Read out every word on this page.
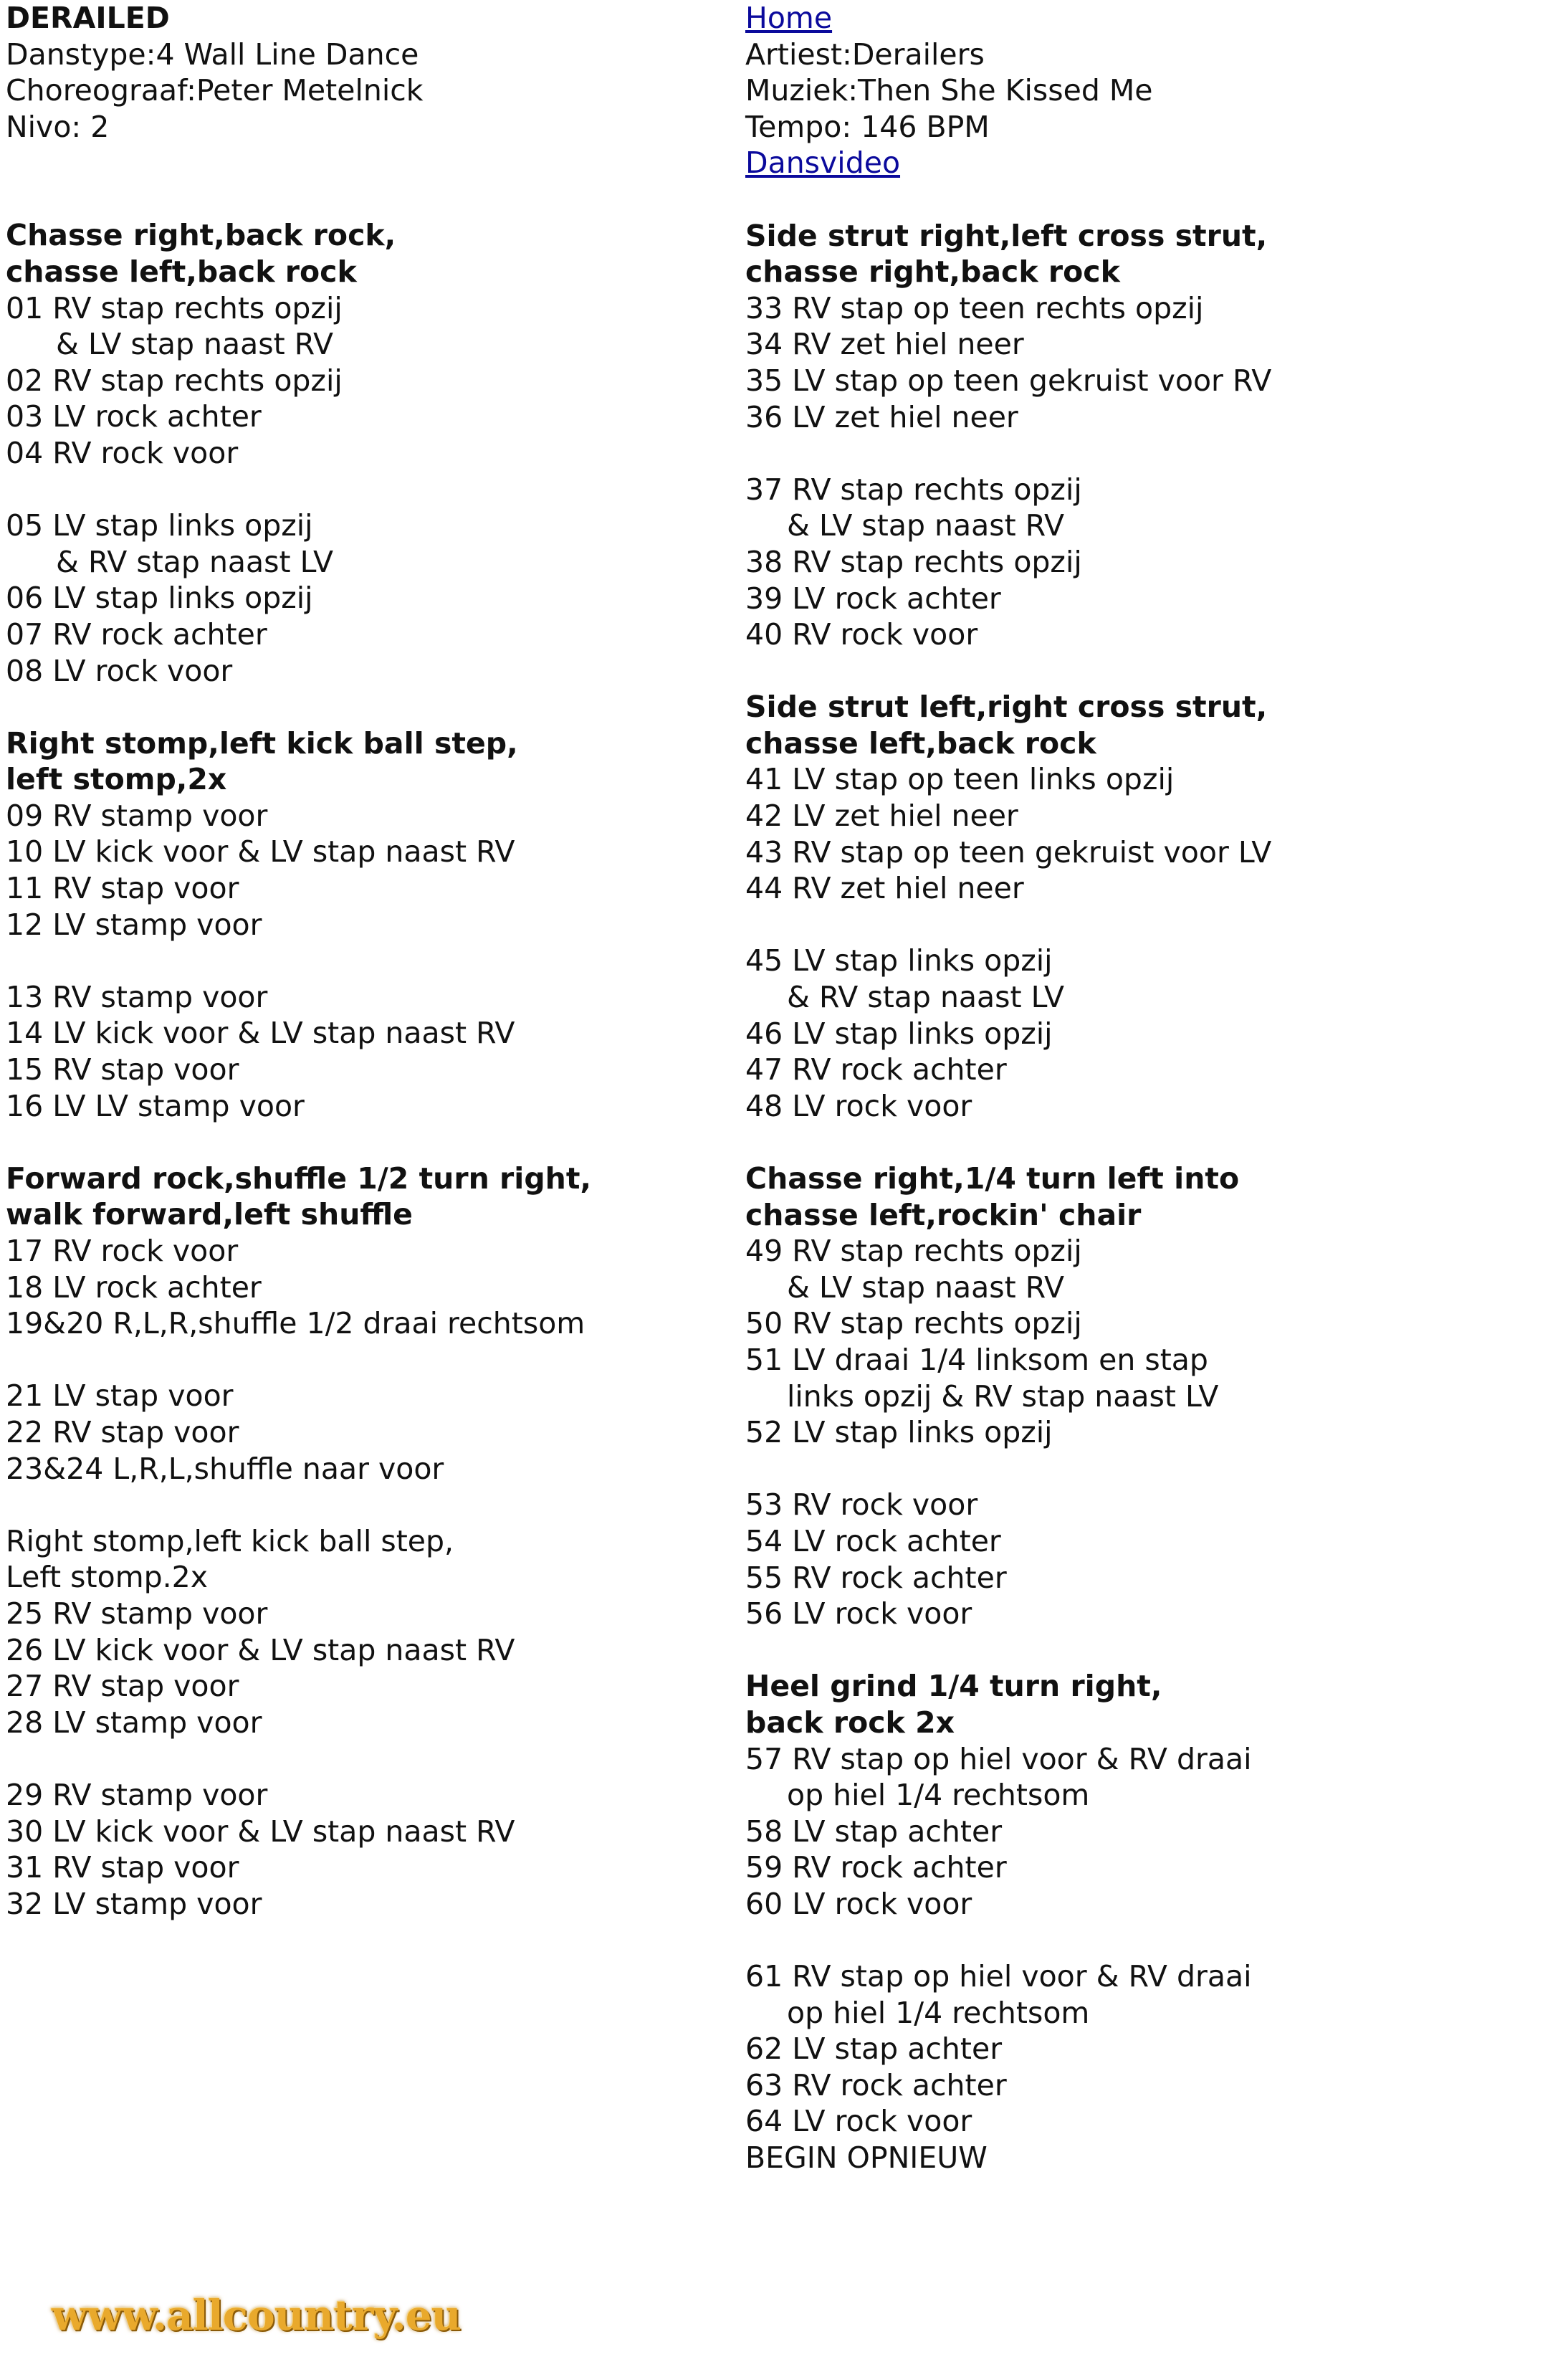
DERAILED
Danstype:4 Wall Line Dance
Choreograaf:Peter Metelnick
Nivo: 2
Chasse right,back rock,
chasse left,back rock
01 RV stap rechts opzij
& LV stap naast RV
02 RV stap rechts opzij
03 LV rock achter
04 RV rock voor
05 LV stap links opzij
& RV stap naast LV
06 LV stap links opzij
07 RV rock achter
08 LV rock voor
Right stomp,left kick ball step,
left stomp,2x
09 RV stamp voor
10 LV kick voor & LV stap naast RV
11 RV stap voor
12 LV stamp voor
13 RV stamp voor
14 LV kick voor & LV stap naast RV
15 RV stap voor
16 LV LV stamp voor
Forward rock,shuffle 1/2 turn right,
walk forward,left shuffle
17 RV rock voor
18 LV rock achter
19&20 R,L,R,shuffle 1/2 draai rechtsom
21 LV stap voor
22 RV stap voor
23&24 L,R,L,shuffle naar voor
Right stomp,left kick ball step,
Left stomp.2x
25 RV stamp voor
26 LV kick voor & LV stap naast RV
27 RV stap voor
28 LV stamp voor
29 RV stamp voor
30 LV kick voor & LV stap naast RV
31 RV stap voor
32 LV stamp voor
Home
Artiest:Derailers
Muziek:Then She Kissed Me
Tempo: 146 BPM
Dansvideo
Side strut right,left cross strut,
chasse right,back rock
33 RV stap op teen rechts opzij
34 RV zet hiel neer
35 LV stap op teen gekruist voor RV
36 LV zet hiel neer
37 RV stap rechts opzij
& LV stap naast RV
38 RV stap rechts opzij
39 LV rock achter
40 RV rock voor
Side strut left,right cross strut,
chasse left,back rock
41 LV stap op teen links opzij
42 LV zet hiel neer
43 RV stap op teen gekruist voor LV
44 RV zet hiel neer
45 LV stap links opzij
& RV stap naast LV
46 LV stap links opzij
47 RV rock achter
48 LV rock voor
Chasse right,1/4 turn left into
chasse left,rockin' chair
49 RV stap rechts opzij
& LV stap naast RV
50 RV stap rechts opzij
51 LV draai 1/4 linksom en stap
links opzij & RV stap naast LV
52 LV stap links opzij
53 RV rock voor
54 LV rock achter
55 RV rock achter
56 LV rock voor
Heel grind 1/4 turn right,
back rock 2x
57 RV stap op hiel voor & RV draai
op hiel 1/4 rechtsom
58 LV stap achter
59 RV rock achter
60 LV rock voor
61 RV stap op hiel voor & RV draai
op hiel 1/4 rechtsom
62 LV stap achter
63 RV rock achter
64 LV rock voor
BEGIN OPNIEUW
www.allcountry.eu
